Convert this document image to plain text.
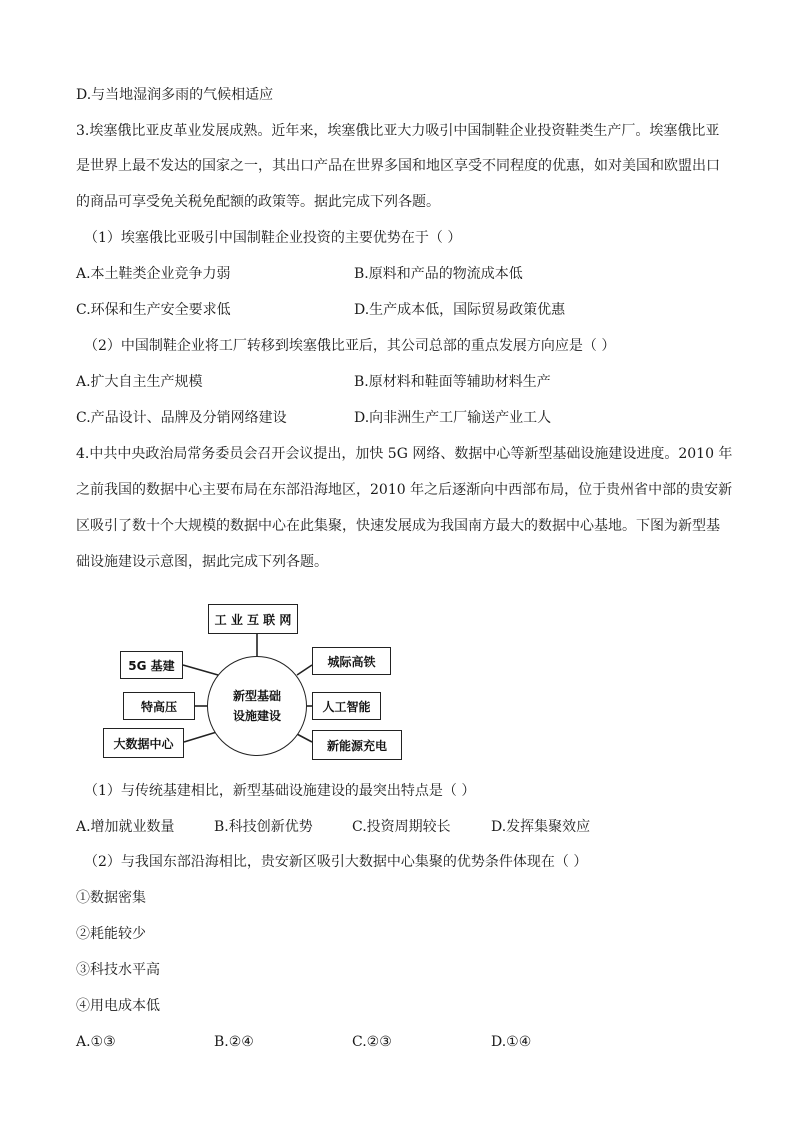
D.与当地湿润多雨的气候相适应
3.埃塞俄比亚皮革业发展成熟。近年来，埃塞俄比亚大力吸引中国制鞋企业投资鞋类生产厂。埃塞俄比亚
是世界上最不发达的国家之一，其出口产品在世界多国和地区享受不同程度的优惠，如对美国和欧盟出口
的商品可享受免关税免配额的政策等。据此完成下列各题。
（1）埃塞俄比亚吸引中国制鞋企业投资的主要优势在于（ ）
A.本土鞋类企业竞争力弱	B.原料和产品的物流成本低
C.环保和生产安全要求低	D.生产成本低，国际贸易政策优惠
（2）中国制鞋企业将工厂转移到埃塞俄比亚后，其公司总部的重点发展方向应是（ ）
A.扩大自主生产规模	B.原材料和鞋面等辅助材料生产
C.产品设计、品牌及分销网络建设	D.向非洲生产工厂输送产业工人
4.中共中央政治局常务委员会召开会议提出，加快 5G 网络、数据中心等新型基础设施建设进度。2010 年
之前我国的数据中心主要布局在东部沿海地区，2010 年之后逐渐向中西部布局，位于贵州省中部的贵安新
区吸引了数十个大规模的数据中心在此集聚，快速发展成为我国南方最大的数据中心基地。下图为新型基
础设施建设示意图，据此完成下列各题。
工 业 互 联 网
5G 基建
特高压
大数据中心
城际高铁
人工智能
新能源充电
新型基础
设施建设
（1）与传统基建相比，新型基础设施建设的最突出特点是（ ）
A.增加就业数量	B.科技创新优势	C.投资周期较长	D.发挥集聚效应
（2）与我国东部沿海相比，贵安新区吸引大数据中心集聚的优势条件体现在（ ）
①数据密集
②耗能较少
③科技水平高
④用电成本低
A.①③	B.②④	C.②③	D.①④
